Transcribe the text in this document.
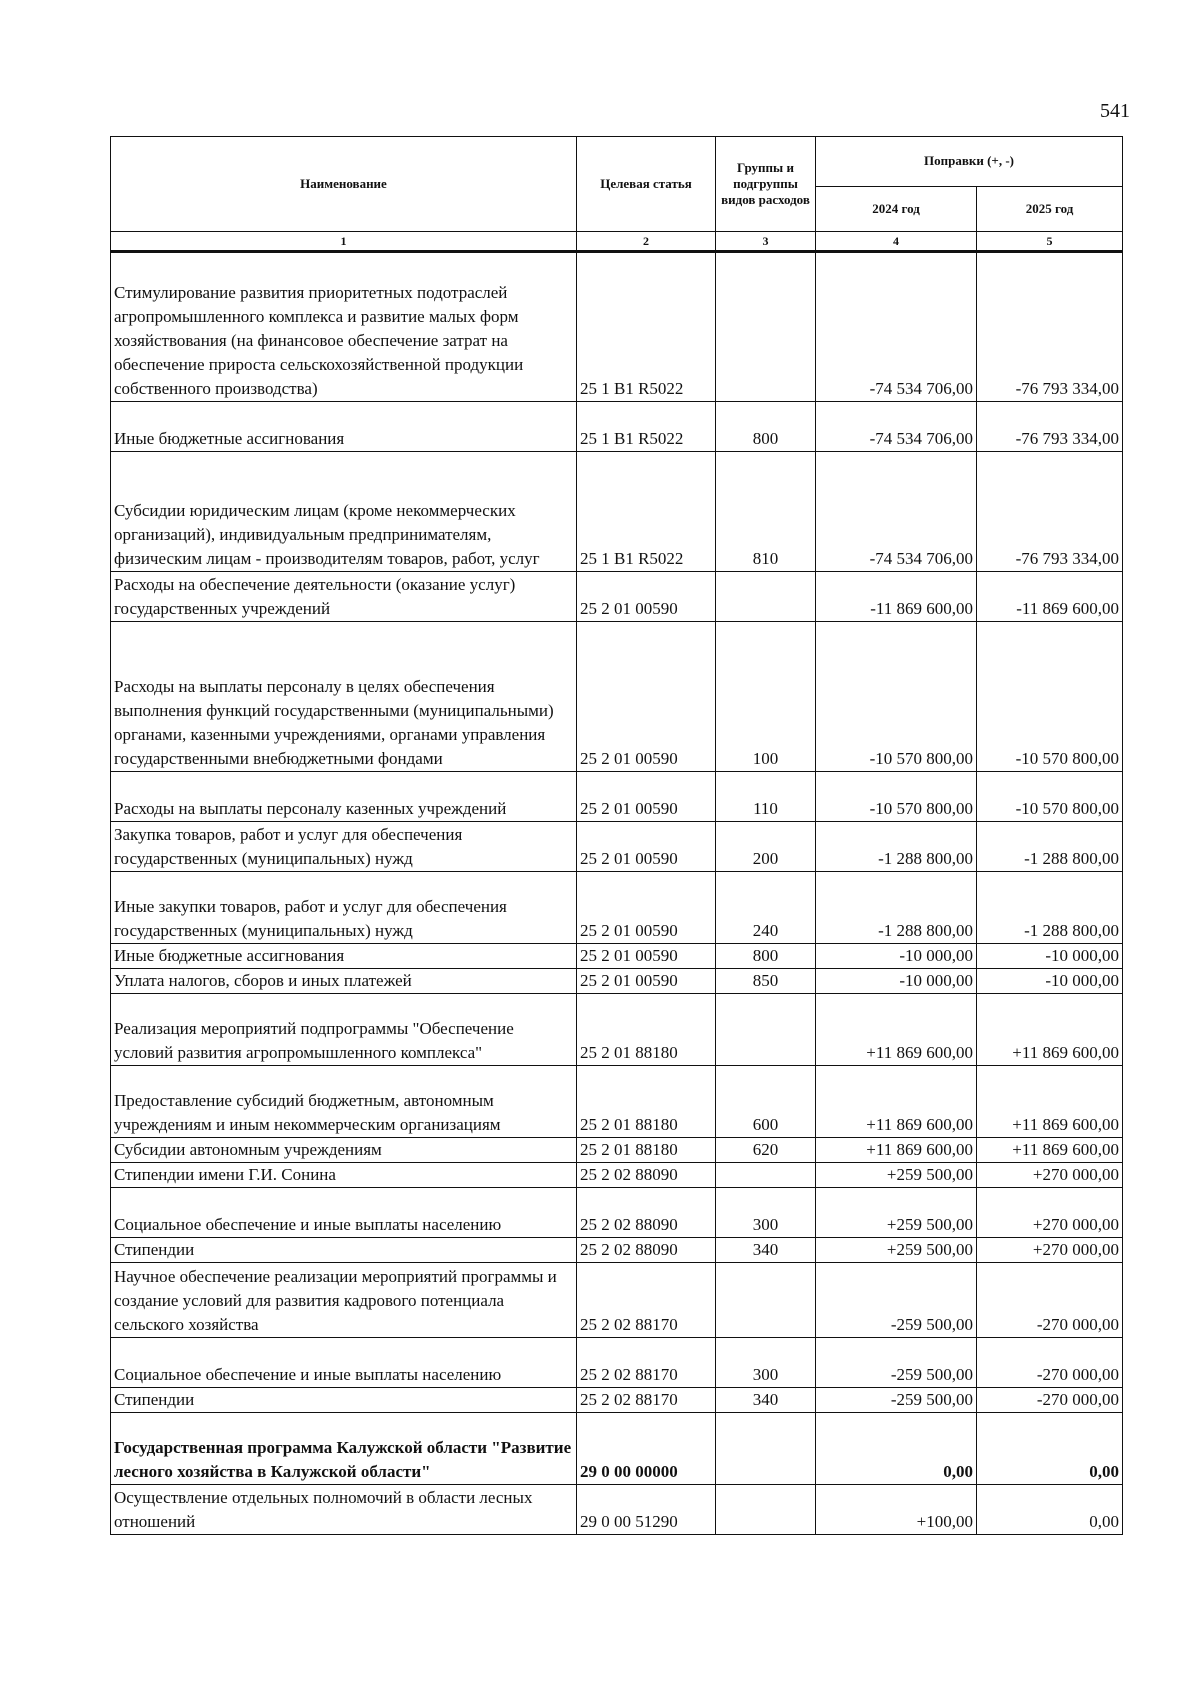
541
Наименование	Целевая статья	Группы и подгруппы видов расходов	Поправки (+, -)	
			2024 год	2025 год
1	2	3	4	5
Стимулирование развития приоритетных подотраслей агропромышленного комплекса и развитие малых форм хозяйствования (на финансовое обеспечение затрат на обеспечение прироста сельскохозяйственной продукции собственного производства)	25 1 B1 R5022		-74 534 706,00	-76 793 334,00
Иные бюджетные ассигнования	25 1 B1 R5022	800	-74 534 706,00	-76 793 334,00
Субсидии юридическим лицам (кроме некоммерческих организаций), индивидуальным предпринимателям, физическим лицам - производителям товаров, работ, услуг	25 1 B1 R5022	810	-74 534 706,00	-76 793 334,00
Расходы на обеспечение деятельности (оказание услуг) государственных учреждений	25 2 01 00590		-11 869 600,00	-11 869 600,00
Расходы на выплаты персоналу в целях обеспечения выполнения функций государственными (муниципальными) органами, казенными учреждениями, органами управления государственными внебюджетными фондами	25 2 01 00590	100	-10 570 800,00	-10 570 800,00
Расходы на выплаты персоналу казенных учреждений	25 2 01 00590	110	-10 570 800,00	-10 570 800,00
Закупка товаров, работ и услуг для обеспечения государственных (муниципальных) нужд	25 2 01 00590	200	-1 288 800,00	-1 288 800,00
Иные закупки товаров, работ и услуг для обеспечения государственных (муниципальных) нужд	25 2 01 00590	240	-1 288 800,00	-1 288 800,00
Иные бюджетные ассигнования	25 2 01 00590	800	-10 000,00	-10 000,00
Уплата налогов, сборов и иных платежей	25 2 01 00590	850	-10 000,00	-10 000,00
Реализация мероприятий подпрограммы "Обеспечение условий развития агропромышленного комплекса"	25 2 01 88180		+11 869 600,00	+11 869 600,00
Предоставление субсидий бюджетным, автономным учреждениям и иным некоммерческим организациям	25 2 01 88180	600	+11 869 600,00	+11 869 600,00
Субсидии автономным учреждениям	25 2 01 88180	620	+11 869 600,00	+11 869 600,00
Стипендии имени Г.И. Сонина	25 2 02 88090		+259 500,00	+270 000,00
Социальное обеспечение и иные выплаты населению	25 2 02 88090	300	+259 500,00	+270 000,00
Стипендии	25 2 02 88090	340	+259 500,00	+270 000,00
Научное обеспечение реализации мероприятий программы и создание условий для развития кадрового потенциала сельского хозяйства	25 2 02 88170		-259 500,00	-270 000,00
Социальное обеспечение и иные выплаты населению	25 2 02 88170	300	-259 500,00	-270 000,00
Стипендии	25 2 02 88170	340	-259 500,00	-270 000,00
Государственная программа Калужской области "Развитие лесного хозяйства в Калужской области"	29 0 00 00000		0,00	0,00
Осуществление отдельных полномочий в области лесных отношений	29 0 00 51290		+100,00	0,00
